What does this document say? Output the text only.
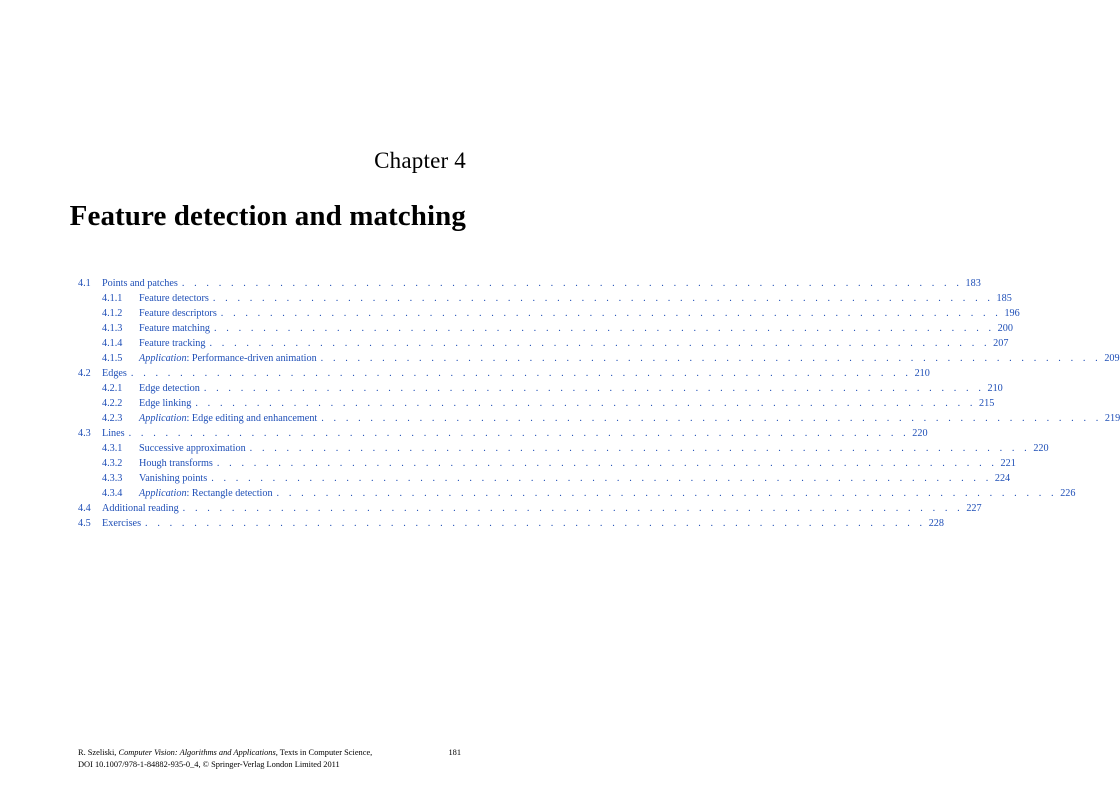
Chapter 4
Feature detection and matching
4.1 Points and patches . . . . . . . . . . . . . . . . . . . . . . . . . . . . . . . . . . . . . . . . . . . . . . . . . . . . . . . . . . . . . . . . 183
4.1.1 Feature detectors . . . . . . . . . . . . . . . . . . . . . . . . . . . . . . . . . . . . . . . . . . . . . . . . . . . . . . . . . . . . . . . . 185
4.1.2 Feature descriptors . . . . . . . . . . . . . . . . . . . . . . . . . . . . . . . . . . . . . . . . . . . . . . . . . . . . . . . . . . . . . . . . 196
4.1.3 Feature matching . . . . . . . . . . . . . . . . . . . . . . . . . . . . . . . . . . . . . . . . . . . . . . . . . . . . . . . . . . . . . . . . 200
4.1.4 Feature tracking . . . . . . . . . . . . . . . . . . . . . . . . . . . . . . . . . . . . . . . . . . . . . . . . . . . . . . . . . . . . . . . . 207
4.1.5 Application: Performance-driven animation . . . . . . . . . . . . . . . . . . . . . . . . . . . . . . . . . . . . . . . . . . . . . . . . . . . . . . . . . . . . . . . . 209
4.2 Edges . . . . . . . . . . . . . . . . . . . . . . . . . . . . . . . . . . . . . . . . . . . . . . . . . . . . . . . . . . . . . . . . 210
4.2.1 Edge detection . . . . . . . . . . . . . . . . . . . . . . . . . . . . . . . . . . . . . . . . . . . . . . . . . . . . . . . . . . . . . . . . 210
4.2.2 Edge linking . . . . . . . . . . . . . . . . . . . . . . . . . . . . . . . . . . . . . . . . . . . . . . . . . . . . . . . . . . . . . . . . 215
4.2.3 Application: Edge editing and enhancement . . . . . . . . . . . . . . . . . . . . . . . . . . . . . . . . . . . . . . . . . . . . . . . . . . . . . . . . . . . . . . . . 219
4.3 Lines . . . . . . . . . . . . . . . . . . . . . . . . . . . . . . . . . . . . . . . . . . . . . . . . . . . . . . . . . . . . . . . . 220
4.3.1 Successive approximation . . . . . . . . . . . . . . . . . . . . . . . . . . . . . . . . . . . . . . . . . . . . . . . . . . . . . . . . . . . . . . . . 220
4.3.2 Hough transforms . . . . . . . . . . . . . . . . . . . . . . . . . . . . . . . . . . . . . . . . . . . . . . . . . . . . . . . . . . . . . . . . 221
4.3.3 Vanishing points . . . . . . . . . . . . . . . . . . . . . . . . . . . . . . . . . . . . . . . . . . . . . . . . . . . . . . . . . . . . . . . . 224
4.3.4 Application: Rectangle detection . . . . . . . . . . . . . . . . . . . . . . . . . . . . . . . . . . . . . . . . . . . . . . . . . . . . . . . . . . . . . . . . 226
4.4 Additional reading . . . . . . . . . . . . . . . . . . . . . . . . . . . . . . . . . . . . . . . . . . . . . . . . . . . . . . . . . . . . . . . . 227
4.5 Exercises . . . . . . . . . . . . . . . . . . . . . . . . . . . . . . . . . . . . . . . . . . . . . . . . . . . . . . . . . . . . . . . . 228
R. Szeliski, Computer Vision: Algorithms and Applications, Texts in Computer Science,	181
DOI 10.1007/978-1-84882-935-0_4, © Springer-Verlag London Limited 2011
